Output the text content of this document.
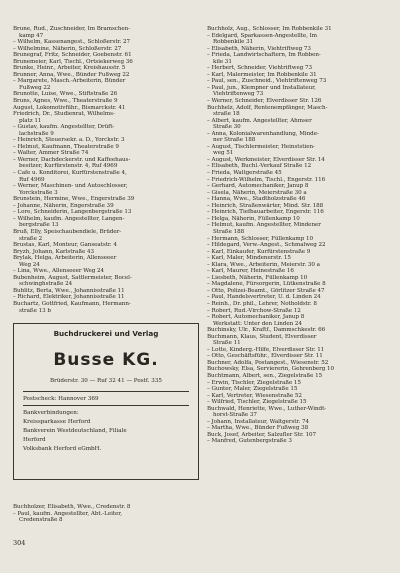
Brune, Rud., Zuschneider, Im Bramschen-
kamp 47
– Wilhelm, Kassenangest., Schloßerstr. 27
– Wilhelmine, Näherin, Schloßerstr. 27
Brunegraf, Fritz, Schneider, Goebenstr. 61
Brunemeier, Karl, Tischl., Ortsiekerweg 36
Brunke, Heinr., Arbeiter, Kreishausstr. 5
Brunner, Anna, Wwe., Bünder Fußweg 22
– Margarete, Masch.-Arbeiterin, Bünder
Fußweg 22
Brunotte, Luise, Wwe., Stiftstraße 26
Bruns, Agnes, Wwe., Theaterstraße 9
August, Lokomotivführ., Bismarckstr. 41
Friedrich, Dr., Studienrat, Wilhelms-
platz 11
– Gustav, kaufm. Angestellter, Drüft-
lachstraße 9
– Heinrich, Steuersekr. a. D., Yorckstr. 3
– Helmut, Kaufmann, Theaterstraße 9
– Walter, Ammer Straße 74
– Werner, Dachdeckerstr. und Kaffeehaus-
besitzer, Kurfürstenstr. 4, Ruf 4969
– Cafe u. Konditorei, Kurfürstenstraße 4,
Ruf 4969
– Werner, Maschinen- und Autoschlosser,
Yorckstraße 3
Brunstein, Hermine, Wwe., Engerstraße 39
– Johanne, Näherin, Engerstraße 39
– Lore, Schneiderin, Langenbergstraße 13
– Wilhelm, kaufm. Angestellter, Langen-
bergstraße 13
Bruß, Elly, Speischaubendiele, Brüder-
straße 2
Brustas, Karl, Monteur, Ganseatstr. 4
Bryzh, Johann, Karlstraße 43
Brylak, Helga, Arbeiterin, Allenseeer
Weg 24
– Lina, Wwe., Allenseeer Weg 24
Bubenheim, August, Sattlermeister, Bocel-
schwinghstraße 24
Bublitz, Berta, Wwe., Johannisstraße 11
– Richard, Elektriker, Johannisstraße 11
Buchartz, Gottfried, Kaufmann, Hermann-
straße 13 b
Buchdruckerei und Verlag
Busse KG.
Brüderstr. 30 — Ruf 32 41 — Postf. 335
Postscheck: Hannover 369
Bankverbindungen:
Kreissparkasse Herford
Bankverein Westdeutschland, Filiale
Herford
Volksbank Herford eGmbH.
Buchholzer, Elisabeth, Wwe., Credenstr. 8
– Paul, kaufm. Angestellter, Abt.-Leiter,
Credenstraße 8
304
Buchholz, Aug., Schlosser, Im Robbenkile 31
– Edelgard, Sparkassen-Angestellte, Im
Robbenkile 31
– Elisabeth, Näherin, Viehtriftweg 73
– Frieda, Landwirtschaftern, Im Robben-
kile 31
– Herbert, Schneider, Viehtriftweg 73
– Karl, Malermeister, Im Robbenkile 31
– Paul, sen., Zuschneid., Viehtriftenweg 73
– Paul, jun., Klempner und Installateur,
Viehtriftenweg 73
– Werner, Schneider, Elverdisser Str. 126
Buchhelz, Adolf, Rentenempfänger, Masch-
straße 18
– Albert, kaufm. Angestellter, Ahmser
Straße 30
– Anna, Kolonialwarenhandlung, Minde-
ner Straße 188
– August, Tischlermeister, Heinststien-
weg 51
– August, Werkmeister, Elverdisser Str. 14
– Elisabeth, Buchl.-Verkauf Straße 12
– Frieda, Waltgerstraße 45
– Friedrich-Wilhelm, Tischl., Engerstr. 116
– Gerhard, Automechaniker, Janup 8
– Gisela, Näherin, Meierstraße 30 a
– Hanna, Wwe., Stadtholzstraße 46
– Heinrich, Straßenwärter, Mind. Str. 188
– Heinrich, Tiefbauarbeiter, Engerstr. 116
– Helga, Näherin, Füllenkamp 10
– Helmut, kaufm. Angestellter, Mindener
Straße 188
– Hermann, Schlosser, Füllenkamp 10
– Hildegard, Verw.-Angest., Schmalweg 22
– Karl, Einkaufer, Kurfürstenstraße 9
– Karl, Maler, Mindenerstr. 15
– Klara, Wwe., Arbeiterin, Meierstr. 30 a
– Karl, Maurer, Heinestraße 16
– Liesbeth, Näherin, Füllenkamp 10
– Magdalene, Fürsorgerin, Lütkenstraße 8
– Otto, Polizei-Beamt., Görlitzer Straße 47
– Paul, Handelsvertreter, U. d. Linden 24
– Reinh., Dr. phil., Lehrer, Notholdstr. 8
– Robert, Rud.-Virchow-Straße 12
– Robert, Automechaniker, Janup 8
Werkstatt: Unter den Linden 24
Buchinsky, Ulr., Kraftf., Dammschkestr. 66
Buchmann, Klaus, Student, Elverdisser
Straße 11
– Lotte, Kinderg.-Hilfe, Elverdisser Str. 11
– Otto, Geschäftsführ., Elverdisser Str. 11
Buchner, Adolfa, Postangest., Wiesenstr. 52
Buchowsky, Elsa, Serviererin, Gehrenberg 10
Buchtmann, Albert, sen., Ziegelstraße 15
– Erwin, Tischler, Ziegelstraße 15
– Gunter, Maler, Ziegelstraße 15
– Karl, Vertreter, Wiesenstraße 52
– Wilfried, Tischler, Ziegelstraße 15
Buchwald, Henriette, Wwe., Luther-Windt-
horst-Straße 37
– Johann, Installateur, Waltgerstr. 74
– Martha, Wwe., Bünder Fußweg 38
Buck, Josef, Arbeiter, Salzufler Str. 107
– Manfred, Gutenbergstraße 3
